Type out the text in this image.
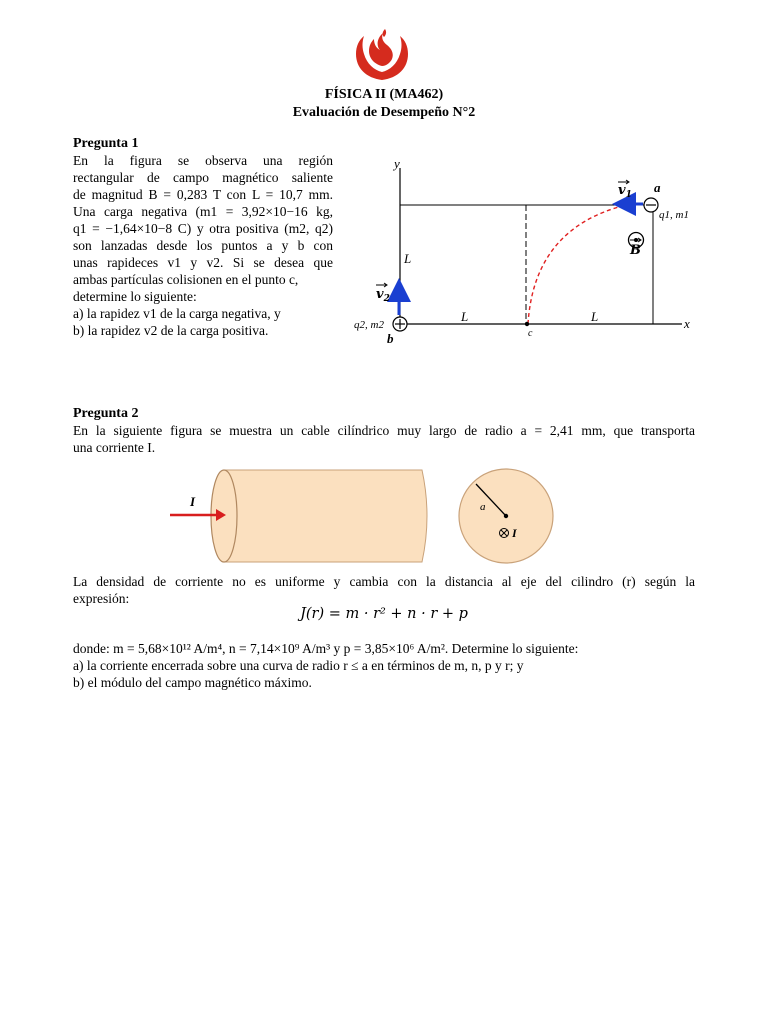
FÍSICA II (MA462)
Evaluación de Desempeño N°2
Pregunta 1
En la figura se observa una región
rectangular de campo magnético saliente
de magnitud B = 0,283 T con L = 10,7 mm.
Una carga negativa (m1 = 3,92×10−16 kg,
q1 = −1,64×10−8 C) y otra positiva (m2, q2)
son lanzadas desde los puntos a y b con
unas rapideces v1 y v2. Si se desea que
ambas partículas colisionen en el punto c,
determine lo siguiente:
a) la rapidez v1 de la carga negativa, y
b) la rapidez v2 de la carga positiva.
y
x
L
L	L
b
q2, m2
$v_2$
c
a
q1, m1
$v_1$
B
Pregunta 2
En la siguiente figura se muestra un cable cilíndrico muy largo de radio a = 2,41 mm, que transporta
una corriente I.
I	a
I
La densidad de corriente no es uniforme y cambia con la distancia al eje del cilindro (r) según la
expresión:
J(r) = m · r² + n · r + p
donde: m = 5,68×10¹² A/m⁴, n = 7,14×10⁹ A/m³ y p = 3,85×10⁶ A/m². Determine lo siguiente:
a) la corriente encerrada sobre una curva de radio r ≤ a en términos de m, n, p y r; y
b) el módulo del campo magnético máximo.
